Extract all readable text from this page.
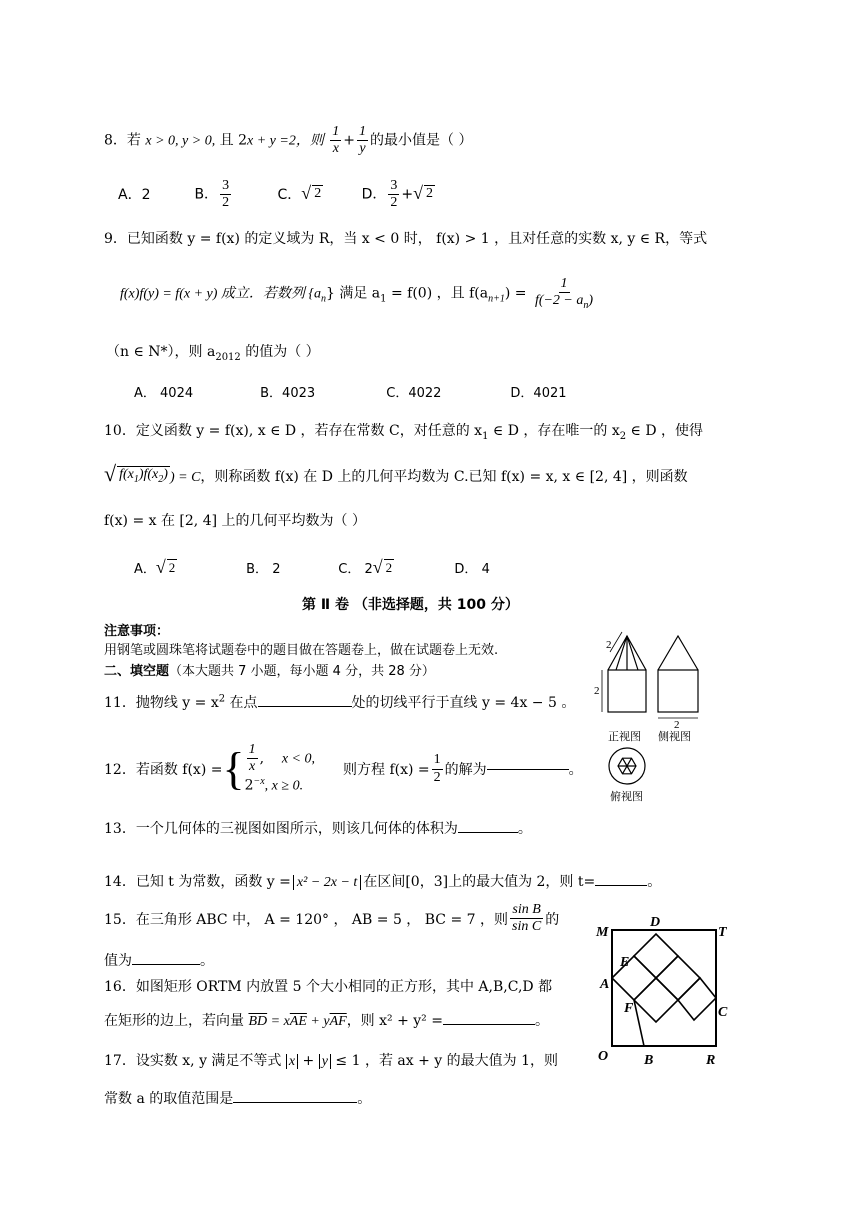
8．若 x > 0, y > 0, 且 2x + y =2，则 $\frac{1}{x} + \frac{1}{y}$ 的最小值是（ ）
A．2	B． $\frac{3}{2}$	C． √ 2	D． $\frac{3}{2}$ + √ 2
9．已知函数 y = f(x) 的定义域为 R，当 x < 0 时， f(x) > 1 ，且对任意的实数 x, y ∈ R，等式
f(x)f(y) = f(x + y) 成立．若数列 $\{a_n\}$ 满足 $a_1 = f(0)$ ，且 $f(a_{n+1}) = \frac{1}{f(-2 - a_n)}$
（n ∈ N*），则 $a_{2012}$ 的值为（ ）
A． 4024	B．4023	C．4022	D．4021
10．定义函数 y = f(x), x ∈ D ，若存在常数 C，对任意的 $x_1$ ∈ D ，存在唯一的 $x_2$ ∈ D ，使得
√ $f(x_1)f(x_2)$ ) = C，则称函数 f(x) 在 D 上的几何平均数为 C.已知 f(x) = x, x ∈ [2, 4] ，则函数
f(x) = x 在 [2, 4] 上的几何平均数为（ ）
A． √ 2	B． 2	C． 2 √ 2	D． 4
第 Ⅱ 卷 （非选择题，共 100 分）
注意事项：
用钢笔或圆珠笔将试题卷中的题目做在答题卷上，做在试题卷上无效.
二、填空题（本大题共 7 小题，每小题 4 分，共 28 分）
11．抛物线 $y = x^2$ 在点	处的切线平行于直线 y = 4x − 5 。
12． 若函数 f(x) = { $\frac{1}{x}$ ,    x < 0,
$2^{-x}$, x ≥ 0.
则方程 $f(x) = \frac{1}{2}$ 的解为	。
13．一个几何体的三视图如图所示，则该几何体的体积为	。
14．已知 t 为常数，函数 y = x² − 2x − t 在区间[0，3]上的最大值为 2，则 t=	。
15． 在三角形 ABC 中， A = 120° ， AB = 5 ， BC = 7 ，则 $\frac{\text{sin B}}{\text{sin C}}$ 的
值为	。
16．如图矩形 ORTM 内放置 5 个大小相同的正方形，其中 A,B,C,D 都
在矩形的边上，若向量 $\overline{BD} = x\overline{AE} + y\overline{AF}$，则 x² + y² =	。
17．设实数 x, y 满足不等式 x + y ≤ 1 ，若 ax + y 的最大值为 1，则
常数 a 的取值范围是	。
2
2
2
正视图 侧视图
俯视图
D
M	T
E
A
F	C
O	B	R
